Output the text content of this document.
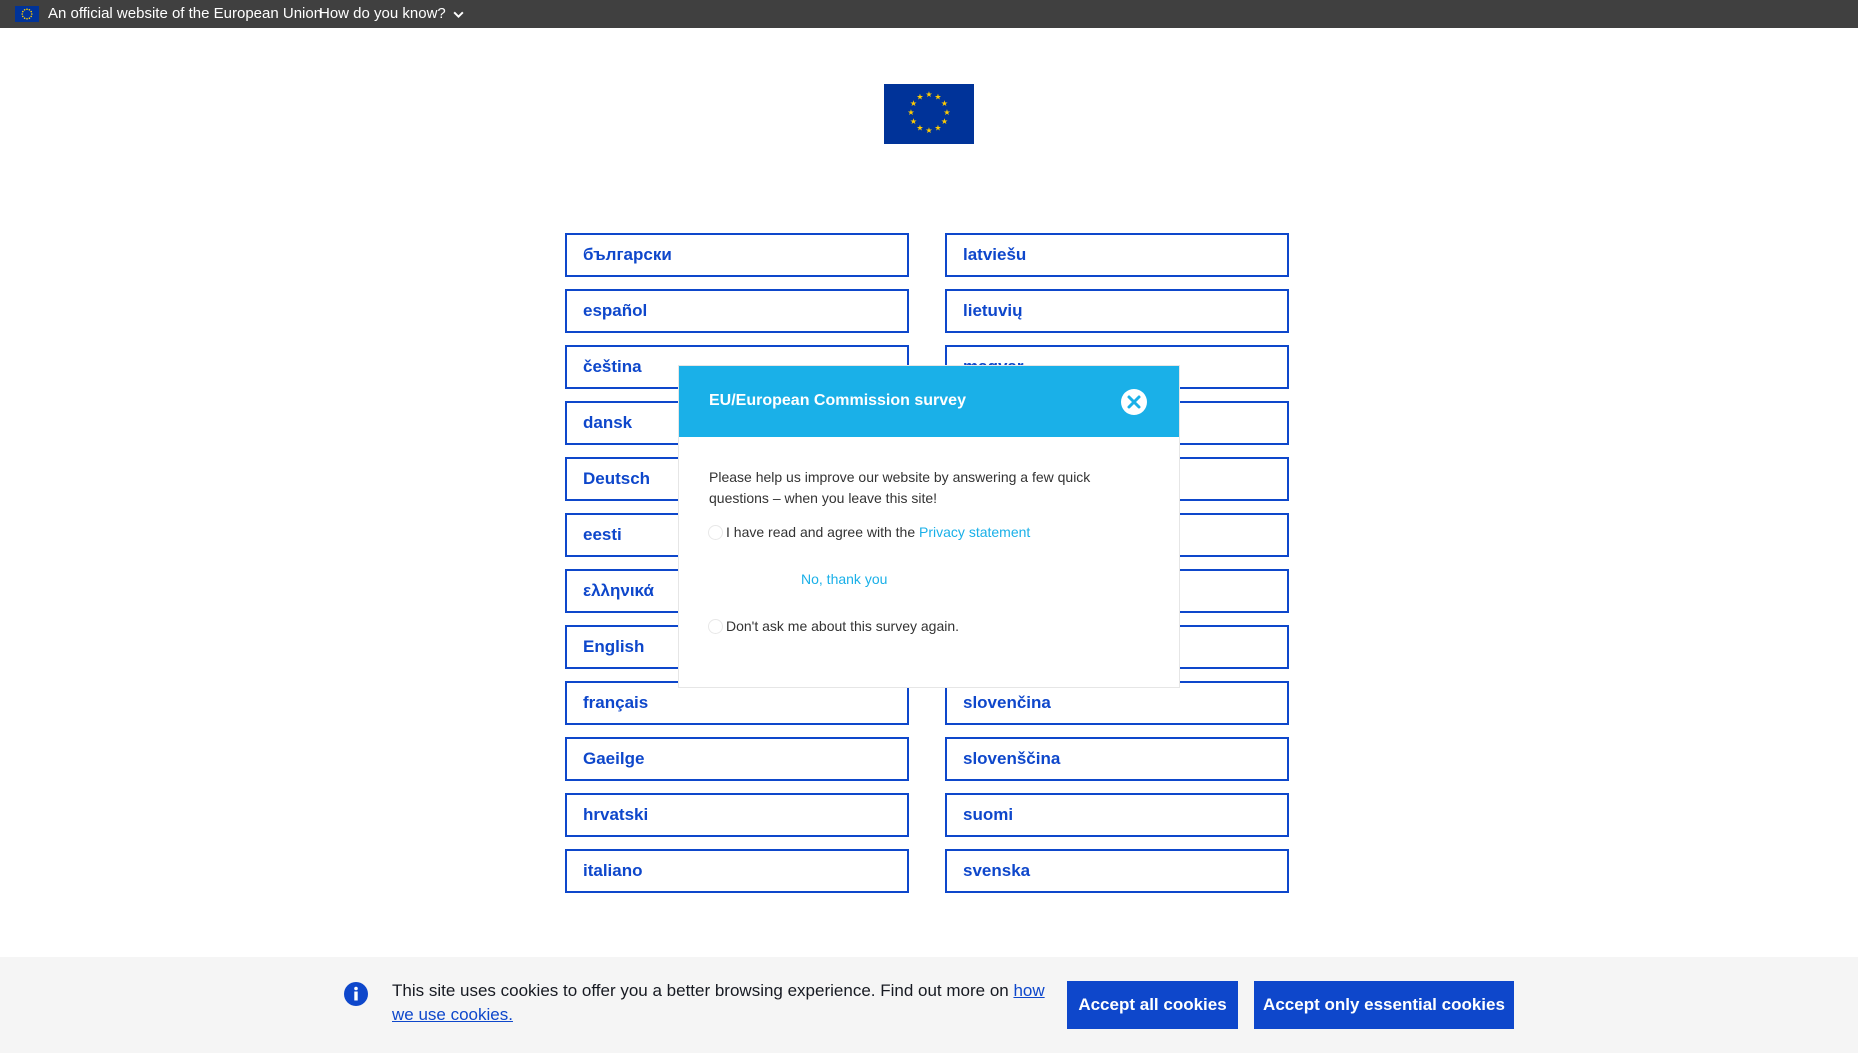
An official website of the European Union
How do you know?
★ ★
★
★
★
★
★
★
★
★
★
★
български
español
čeština
dansk
Deutsch
eesti
ελληνικά
English
français
Gaeilge
hrvatski
italiano
latviešu
lietuvių
slovenčina
slovenščina
suomi
svenska
EU/European Commission survey
Please help us improve our website by answering a few quick questions – when you leave this site!
I have read and agree with the Privacy statement
No, thank you
Don't ask me about this survey again.
This site uses cookies to offer you a better browsing experience. Find out more on how we use cookies.
Accept all cookies	Accept only essential cookies
